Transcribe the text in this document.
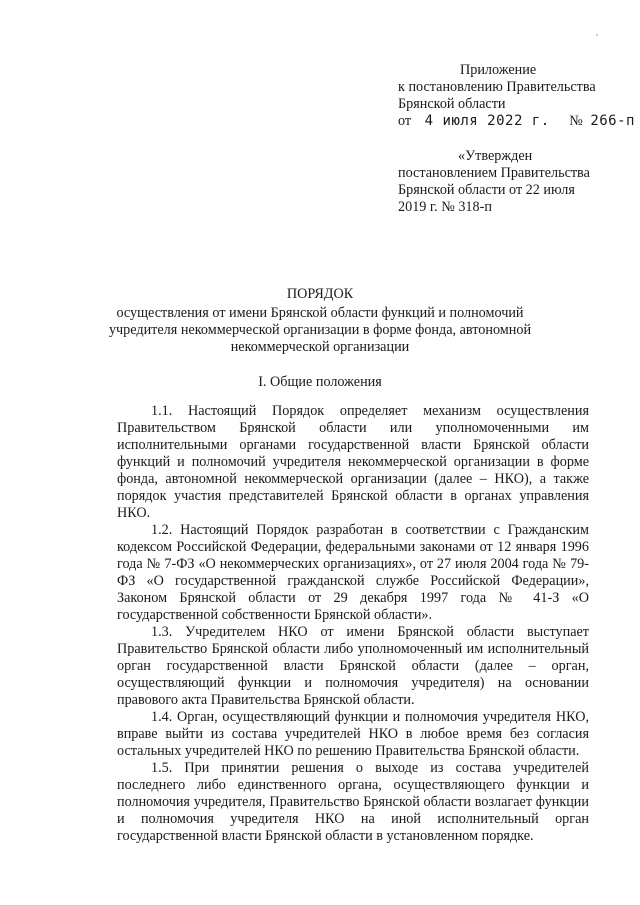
Приложение
к постановлению Правительства
Брянской области
от 4 июля 2022 г. № 266-п
«Утвержден
постановлением Правительства
Брянской области от 22 июля
2019 г. № 318-п
ПОРЯДОК
осуществления от имени Брянской области функций и полномочий
учредителя некоммерческой организации в форме фонда, автономной
некоммерческой организации
I. Общие положения

1.1. Настоящий Порядок определяет механизм осуществления Правительством Брянской области или уполномоченными им исполнительными органами государственной власти Брянской области функций и полномочий учредителя некоммерческой организации в форме фонда, автономной некоммерческой организации (далее – НКО), а также порядок участия представителей Брянской области в органах управления НКО.

1.2. Настоящий Порядок разработан в соответствии с Гражданским кодексом Российской Федерации, федеральными законами от 12 января 1996 года № 7-ФЗ «О некоммерческих организациях», от 27 июля 2004 года № 79-ФЗ «О государственной гражданской службе Российской Федерации», Законом Брянской области от 29 декабря 1997 года № 41-З «О государственной собственности Брянской области».

1.3. Учредителем НКО от имени Брянской области выступает Правительство Брянской области либо уполномоченный им исполнительный орган государственной власти Брянской области (далее – орган, осуществляющий функции и полномочия учредителя) на основании правового акта Правительства Брянской области.

1.4. Орган, осуществляющий функции и полномочия учредителя НКО, вправе выйти из состава учредителей НКО в любое время без согласия остальных учредителей НКО по решению Правительства Брянской области.

1.5. При принятии решения о выходе из состава учредителей последнего либо единственного органа, осуществляющего функции и полномочия учредителя, Правительство Брянской области возлагает функции и полномочия учредителя НКО на иной исполнительный орган государственной власти Брянской области в установленном порядке.
